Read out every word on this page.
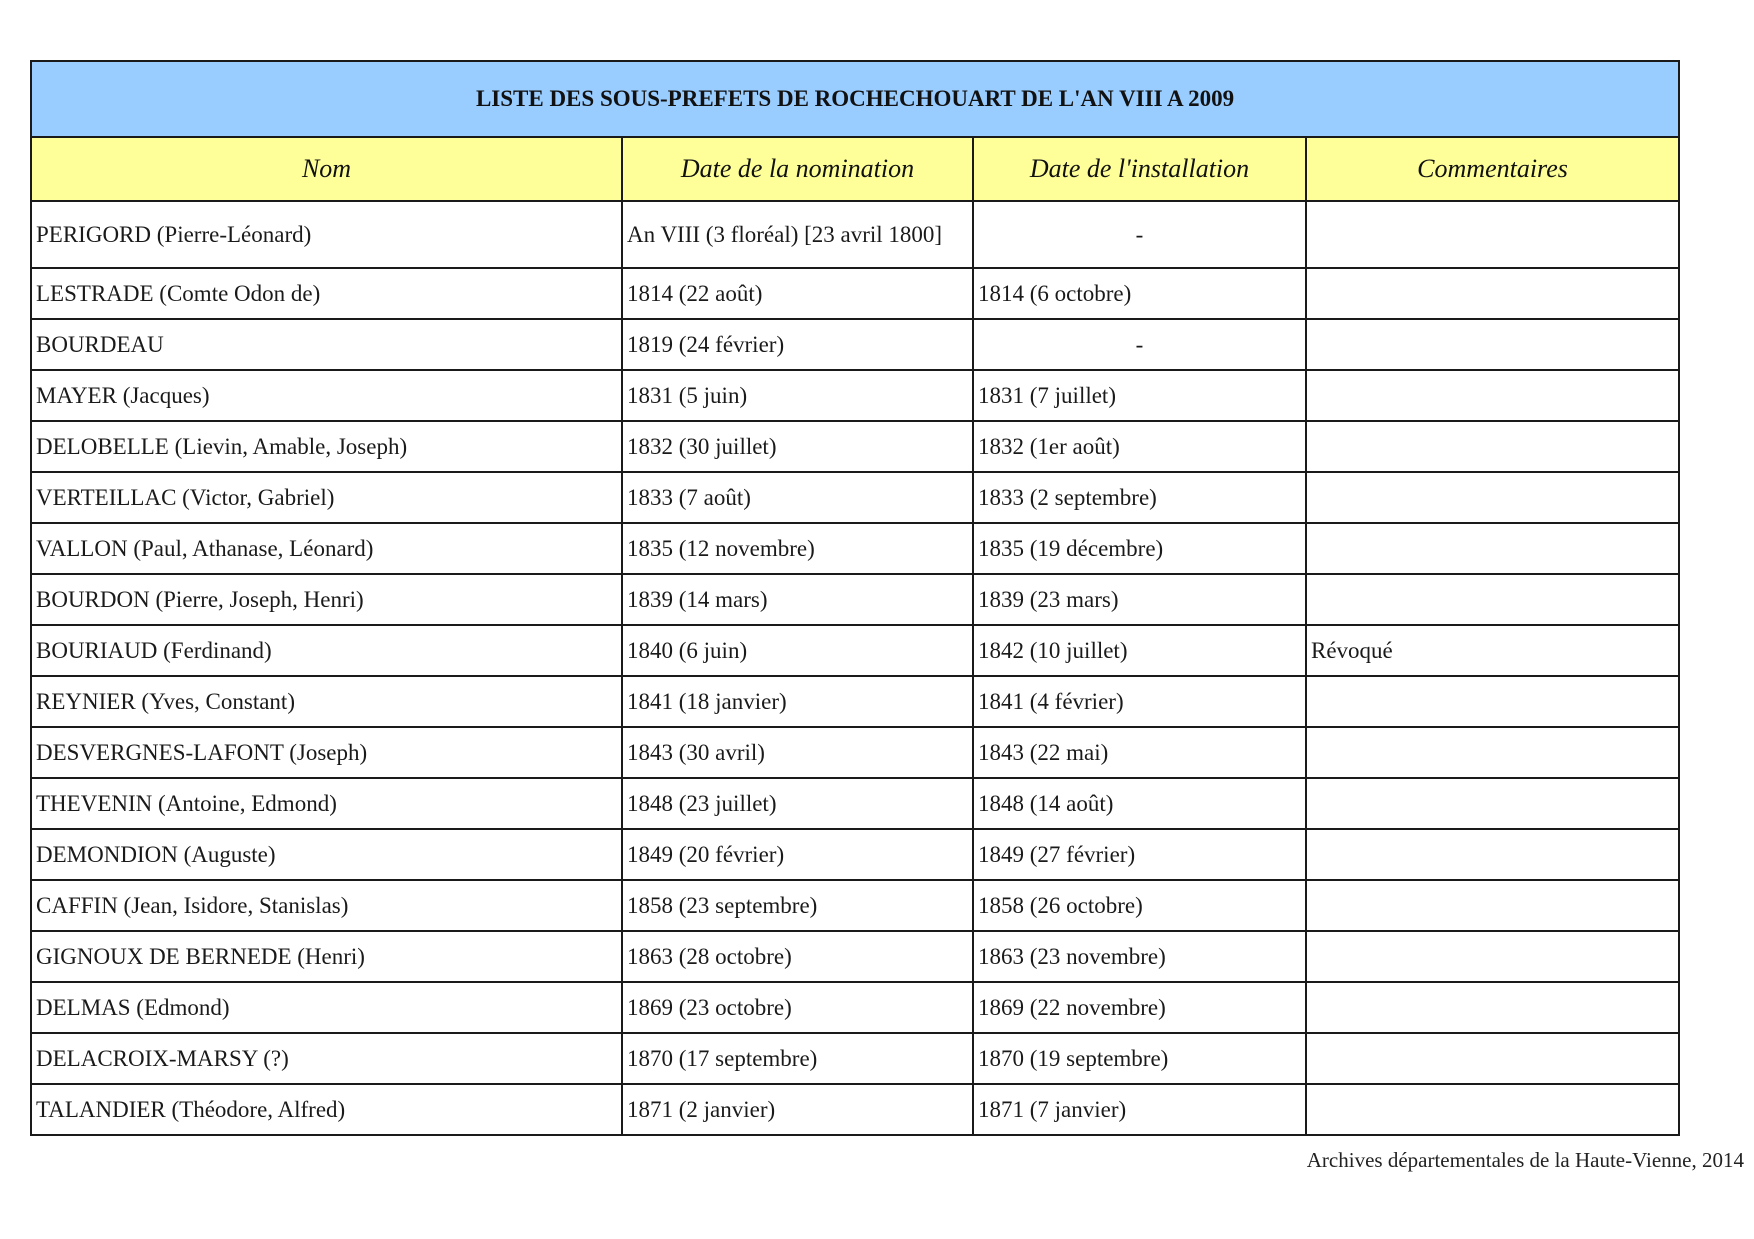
LISTE DES SOUS-PREFETS DE ROCHECHOUART DE L'AN VIII A 2009			
Nom	Date de la nomination	Date de l'installation	Commentaires
PERIGORD (Pierre-Léonard)	An VIII (3 floréal) [23 avril 1800]	-	
LESTRADE (Comte Odon de)	1814 (22 août)	1814 (6 octobre)	
BOURDEAU	1819 (24 février)	-	
MAYER (Jacques)	1831 (5 juin)	1831 (7 juillet)	
DELOBELLE (Lievin, Amable, Joseph)	1832 (30 juillet)	1832 (1er août)	
VERTEILLAC (Victor, Gabriel)	1833 (7 août)	1833 (2 septembre)	
VALLON (Paul, Athanase, Léonard)	1835 (12 novembre)	1835 (19 décembre)	
BOURDON (Pierre, Joseph, Henri)	1839 (14 mars)	1839 (23 mars)	
BOURIAUD (Ferdinand)	1840 (6 juin)	1842 (10 juillet)	Révoqué
REYNIER (Yves, Constant)	1841 (18 janvier)	1841 (4 février)	
DESVERGNES-LAFONT (Joseph)	1843 (30 avril)	1843 (22 mai)	
THEVENIN (Antoine, Edmond)	1848 (23 juillet)	1848 (14 août)	
DEMONDION (Auguste)	1849 (20 février)	1849 (27 février)	
CAFFIN (Jean, Isidore, Stanislas)	1858 (23 septembre)	1858 (26 octobre)	
GIGNOUX DE BERNEDE (Henri)	1863 (28 octobre)	1863 (23 novembre)	
DELMAS (Edmond)	1869 (23 octobre)	1869 (22 novembre)	
DELACROIX-MARSY (?)	1870 (17 septembre)	1870 (19 septembre)	
TALANDIER (Théodore, Alfred)	1871 (2 janvier)	1871 (7 janvier)	
Archives départementales de la Haute-Vienne, 2014
